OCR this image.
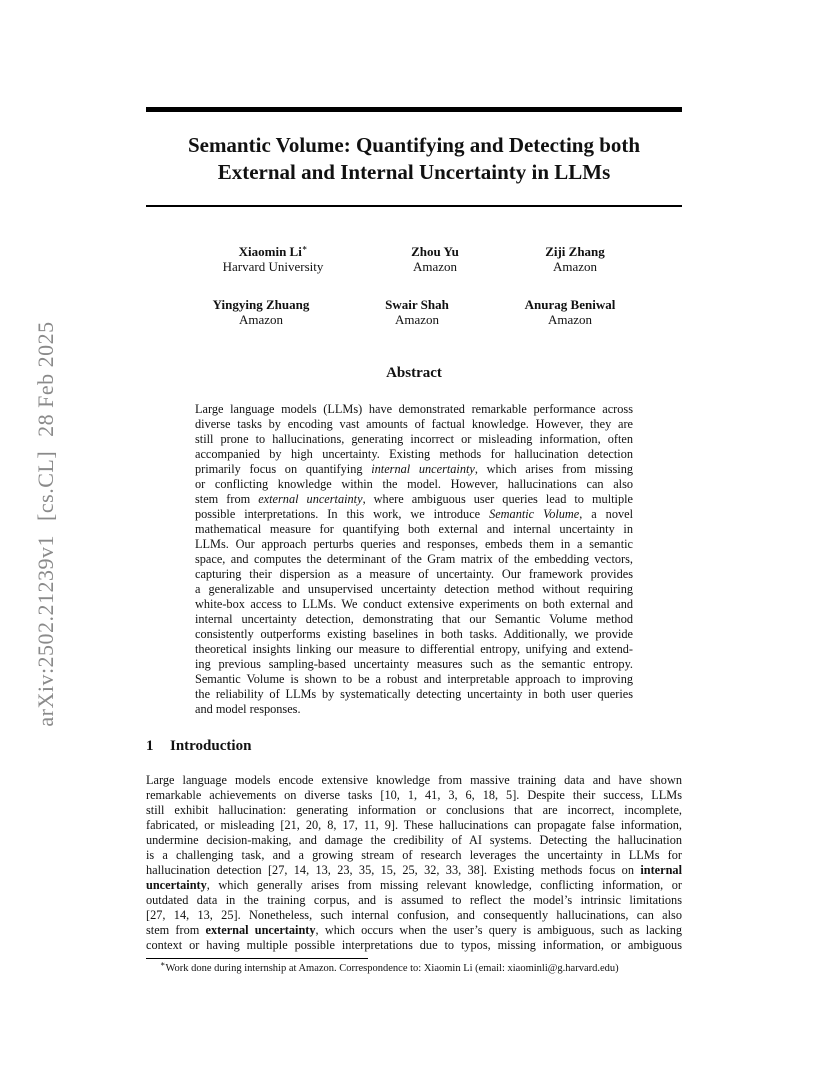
arXiv:2502.21239v1[cs.CL]28 Feb 2025
Semantic Volume: Quantifying and Detecting both
External and Internal Uncertainty in LLMs
Xiaomin Li∗
Harvard University
Zhou Yu
Amazon
Ziji Zhang
Amazon
Yingying Zhuang
Amazon
Swair Shah
Amazon
Anurag Beniwal
Amazon
Abstract
Large language models (LLMs) have demonstrated remarkable performance across
diverse tasks by encoding vast amounts of factual knowledge. However, they are
still prone to hallucinations, generating incorrect or misleading information, often
accompanied by high uncertainty. Existing methods for hallucination detection
primarily focus on quantifying internal uncertainty, which arises from missing
or conflicting knowledge within the model. However, hallucinations can also
stem from external uncertainty, where ambiguous user queries lead to multiple
possible interpretations. In this work, we introduce Semantic Volume, a novel
mathematical measure for quantifying both external and internal uncertainty in
LLMs. Our approach perturbs queries and responses, embeds them in a semantic
space, and computes the determinant of the Gram matrix of the embedding vectors,
capturing their dispersion as a measure of uncertainty. Our framework provides
a generalizable and unsupervised uncertainty detection method without requiring
white-box access to LLMs. We conduct extensive experiments on both external and
internal uncertainty detection, demonstrating that our Semantic Volume method
consistently outperforms existing baselines in both tasks. Additionally, we provide
theoretical insights linking our measure to differential entropy, unifying and extend-
ing previous sampling-based uncertainty measures such as the semantic entropy.
Semantic Volume is shown to be a robust and interpretable approach to improving
the reliability of LLMs by systematically detecting uncertainty in both user queries
and model responses.
1 Introduction
Large language models encode extensive knowledge from massive training data and have shown
remarkable achievements on diverse tasks [10, 1, 41, 3, 6, 18, 5]. Despite their success, LLMs
still exhibit hallucination: generating information or conclusions that are incorrect, incomplete,
fabricated, or misleading [21, 20, 8, 17, 11, 9]. These hallucinations can propagate false information,
undermine decision-making, and damage the credibility of AI systems. Detecting the hallucination
is a challenging task, and a growing stream of research leverages the uncertainty in LLMs for
hallucination detection [27, 14, 13, 23, 35, 15, 25, 32, 33, 38]. Existing methods focus on internal
uncertainty, which generally arises from missing relevant knowledge, conflicting information, or
outdated data in the training corpus, and is assumed to reflect the model’s intrinsic limitations
[27, 14, 13, 25]. Nonetheless, such internal confusion, and consequently hallucinations, can also
stem from external uncertainty, which occurs when the user’s query is ambiguous, such as lacking
context or having multiple possible interpretations due to typos, missing information, or ambiguous

∗Work done during internship at Amazon. Correspondence to: Xiaomin Li (email: xiaominli@g.harvard.edu)
